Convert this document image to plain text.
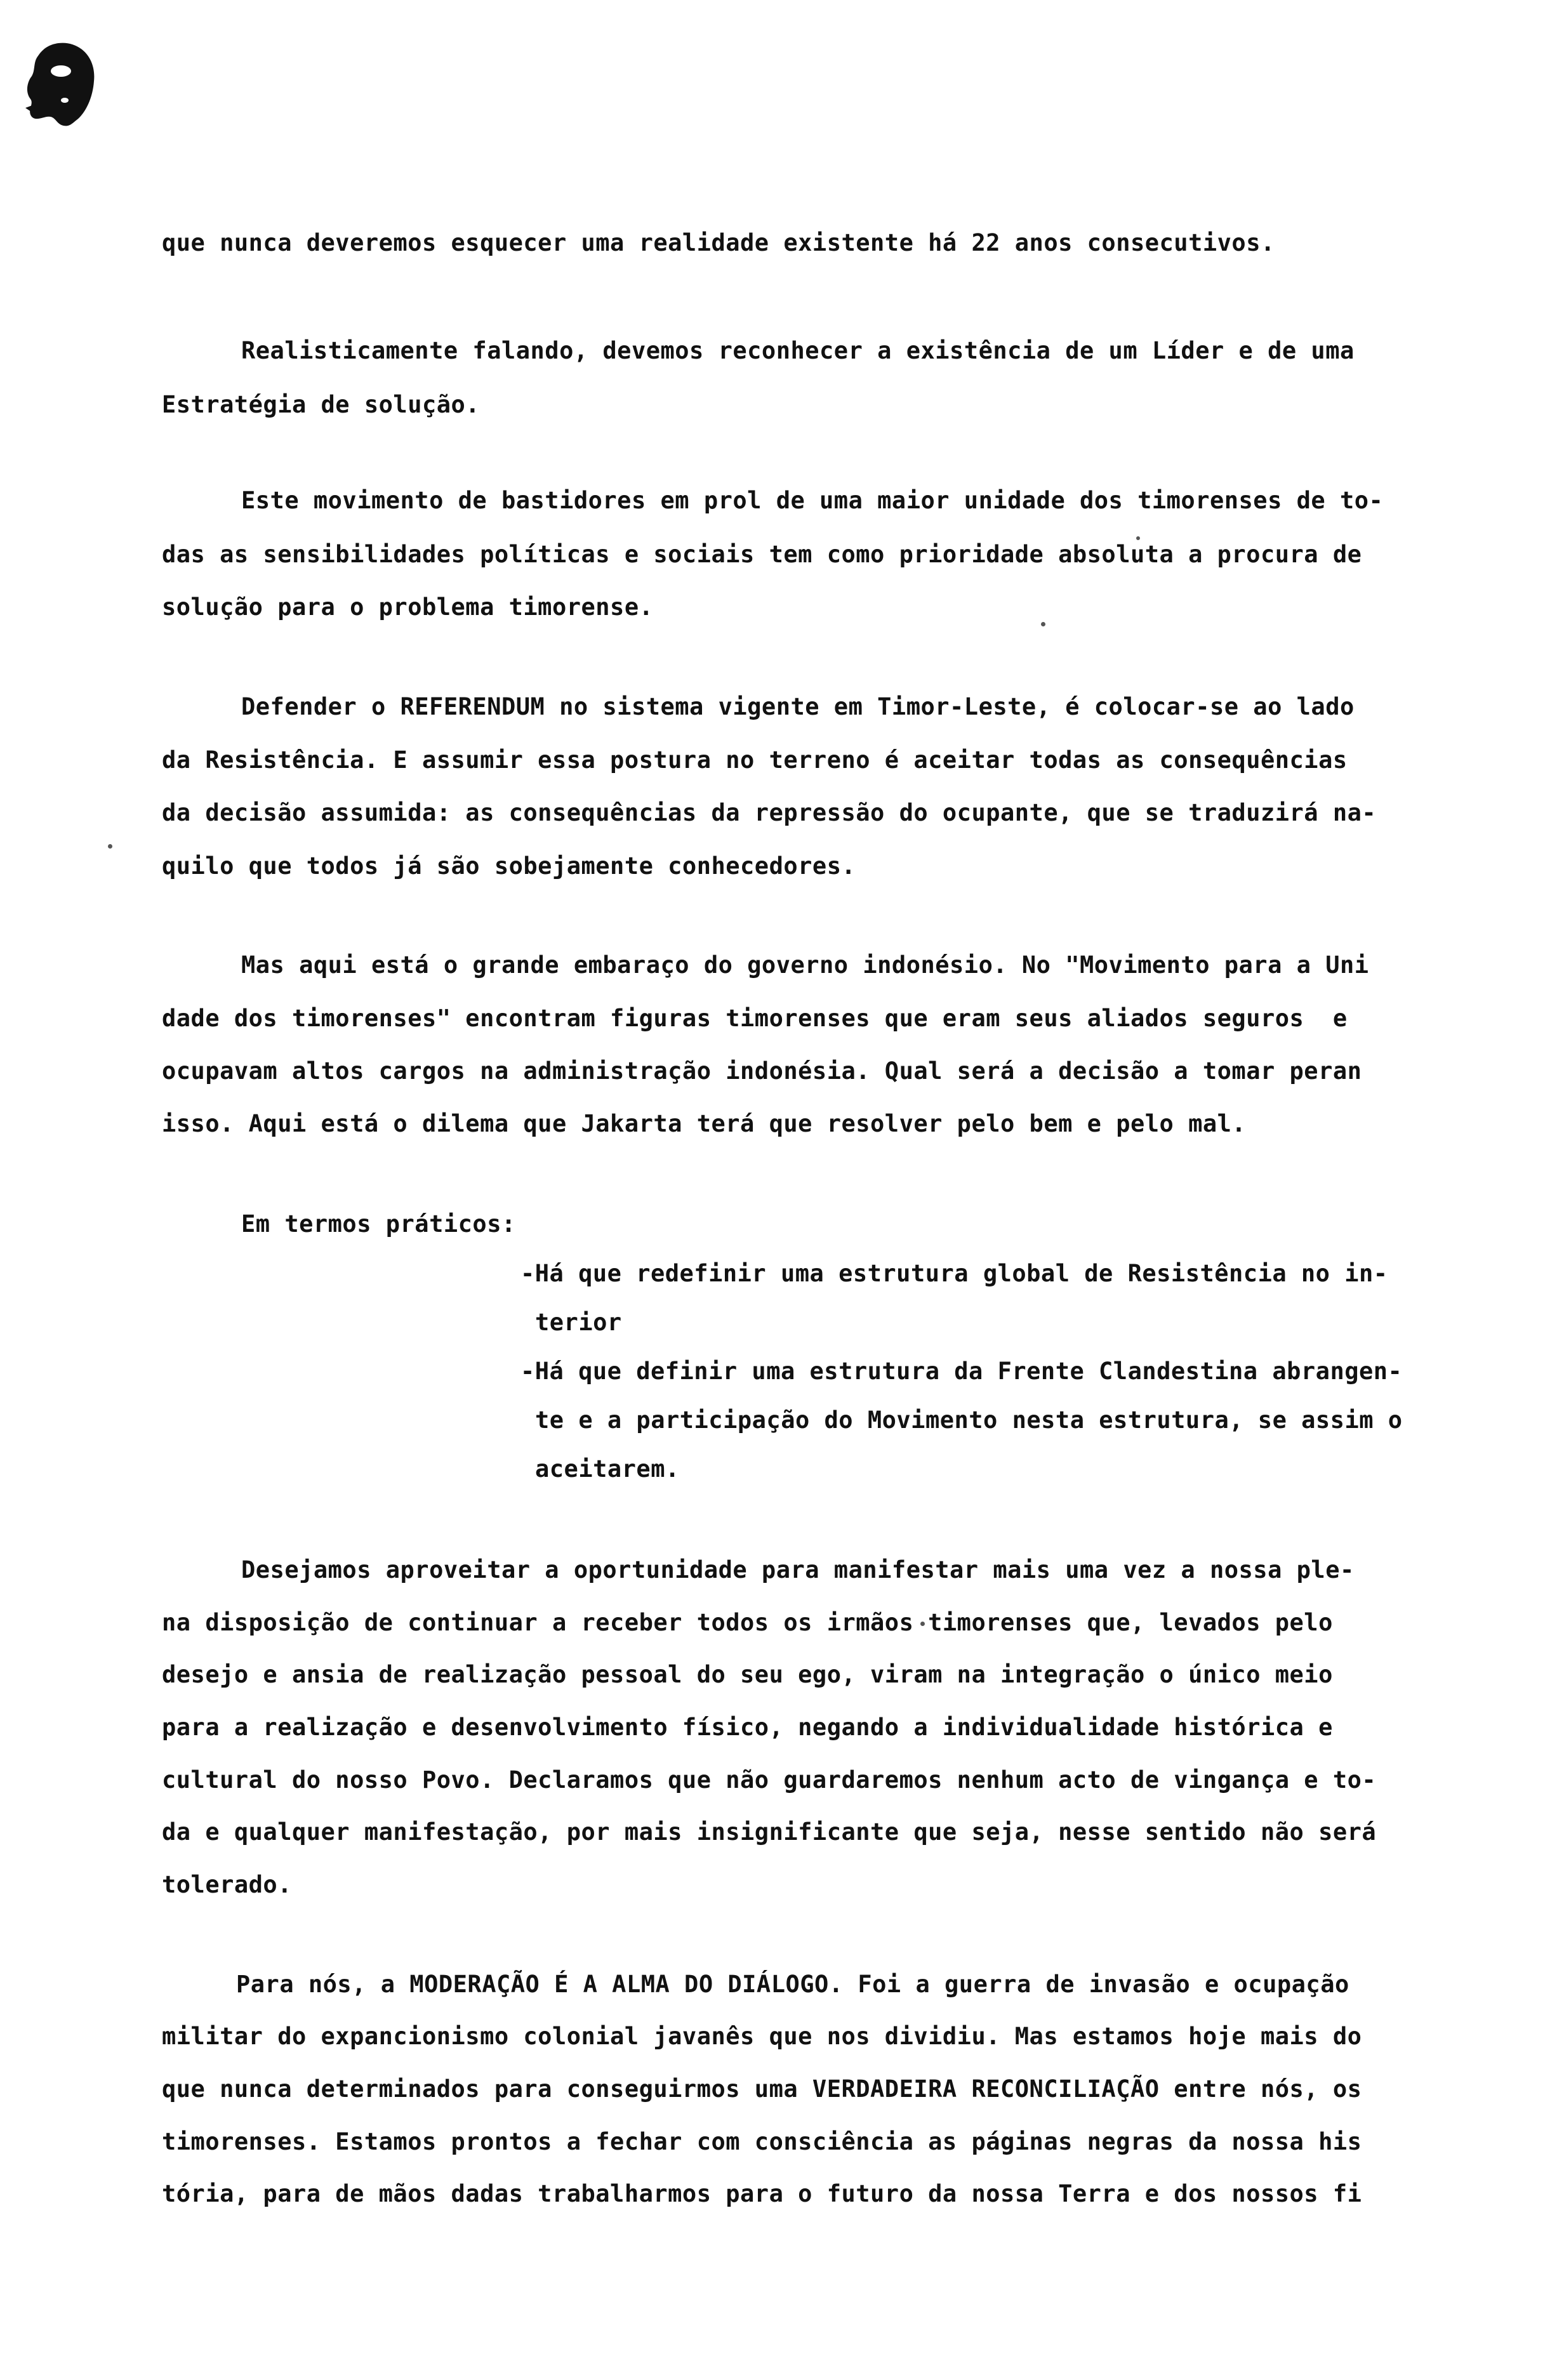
que nunca deveremos esquecer uma realidade existente há 22 anos consecutivos.
Realisticamente falando, devemos reconhecer a existência de um Líder e de uma
Estratégia de solução.
Este movimento de bastidores em prol de uma maior unidade dos timorenses de to-
das as sensibilidades políticas e sociais tem como prioridade absoluta a procura de
solução para o problema timorense.
Defender o REFERENDUM no sistema vigente em Timor-Leste, é colocar-se ao lado
da Resistência. E assumir essa postura no terreno é aceitar todas as consequências
da decisão assumida: as consequências da repressão do ocupante, que se traduzirá na-
quilo que todos já são sobejamente conhecedores.
Mas aqui está o grande embaraço do governo indonésio. No "Movimento para a Uni
dade dos timorenses" encontram figuras timorenses que eram seus aliados seguros  e
ocupavam altos cargos na administração indonésia. Qual será a decisão a tomar peran
isso. Aqui está o dilema que Jakarta terá que resolver pelo bem e pelo mal.
Em termos práticos:
-Há que redefinir uma estrutura global de Resistência no in-
terior
-Há que definir uma estrutura da Frente Clandestina abrangen-
te e a participação do Movimento nesta estrutura, se assim o
aceitarem.
Desejamos aproveitar a oportunidade para manifestar mais uma vez a nossa ple-
na disposição de continuar a receber todos os irmãos timorenses que, levados pelo
desejo e ansia de realização pessoal do seu ego, viram na integração o único meio
para a realização e desenvolvimento físico, negando a individualidade histórica e
cultural do nosso Povo. Declaramos que não guardaremos nenhum acto de vingança e to-
da e qualquer manifestação, por mais insignificante que seja, nesse sentido não será
tolerado.
Para nós, a MODERAÇÃO É A ALMA DO DIÁLOGO. Foi a guerra de invasão e ocupação
militar do expancionismo colonial javanês que nos dividiu. Mas estamos hoje mais do
que nunca determinados para conseguirmos uma VERDADEIRA RECONCILIAÇÃO entre nós, os
timorenses. Estamos prontos a fechar com consciência as páginas negras da nossa his
tória, para de mãos dadas trabalharmos para o futuro da nossa Terra e dos nossos fi
